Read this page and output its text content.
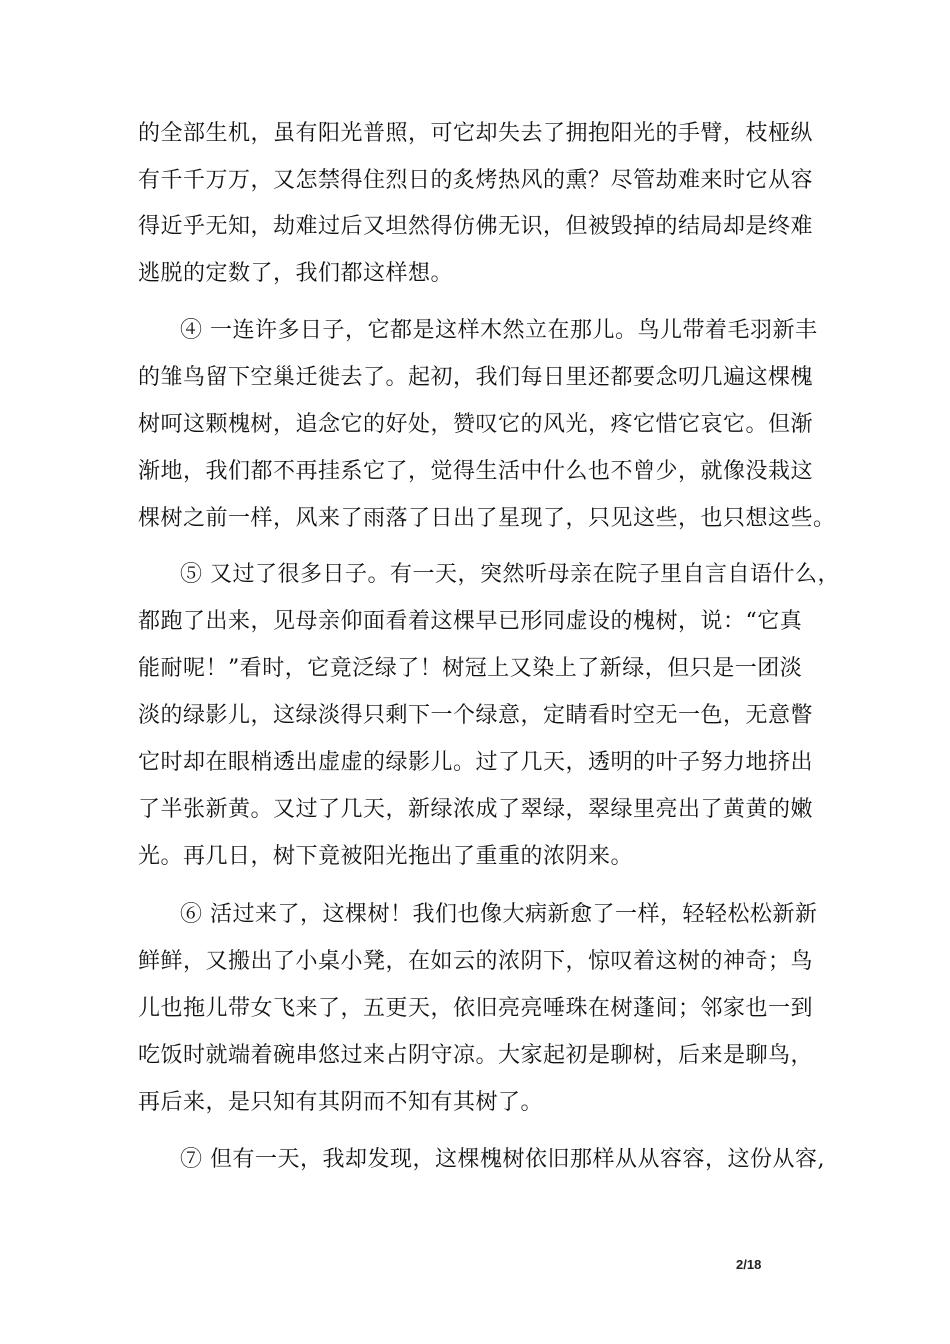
的全部生机，虽有阳光普照，可它却失去了拥抱阳光的手臂，枝桠纵
有千千万万，又怎禁得住烈日的炙烤热风的熏？尽管劫难来时它从容
得近乎无知，劫难过后又坦然得仿佛无识，但被毁掉的结局却是终难
逃脱的定数了，我们都这样想。
④ 一连许多日子，它都是这样木然立在那儿。鸟儿带着毛羽新丰
的雏鸟留下空巢迁徙去了。起初，我们每日里还都要念叨几遍这棵槐
树呵这颗槐树，追念它的好处，赞叹它的风光，疼它惜它哀它。但渐
渐地，我们都不再挂系它了，觉得生活中什么也不曾少，就像没栽这
棵树之前一样，风来了雨落了日出了星现了，只见这些，也只想这些。
⑤ 又过了很多日子。有一天，突然听母亲在院子里自言自语什么，
都跑了出来，见母亲仰面看着这棵早已形同虚设的槐树，说：“它真
能耐呢！”看时，它竟泛绿了！树冠上又染上了新绿，但只是一团淡
淡的绿影儿，这绿淡得只剩下一个绿意，定睛看时空无一色，无意瞥
它时却在眼梢透出虚虚的绿影儿。过了几天，透明的叶子努力地挤出
了半张新黄。又过了几天，新绿浓成了翠绿，翠绿里亮出了黄黄的嫩
光。再几日，树下竟被阳光拖出了重重的浓阴来。
⑥ 活过来了，这棵树！我们也像大病新愈了一样，轻轻松松新新
鲜鲜，又搬出了小桌小凳，在如云的浓阴下，惊叹着这树的神奇；鸟
儿也拖儿带女飞来了，五更天，依旧亮亮唾珠在树蓬间；邻家也一到
吃饭时就端着碗串悠过来占阴守凉。大家起初是聊树，后来是聊鸟，
再后来，是只知有其阴而不知有其树了。
⑦ 但有一天，我却发现，这棵槐树依旧那样从从容容，这份从容,
2/18
